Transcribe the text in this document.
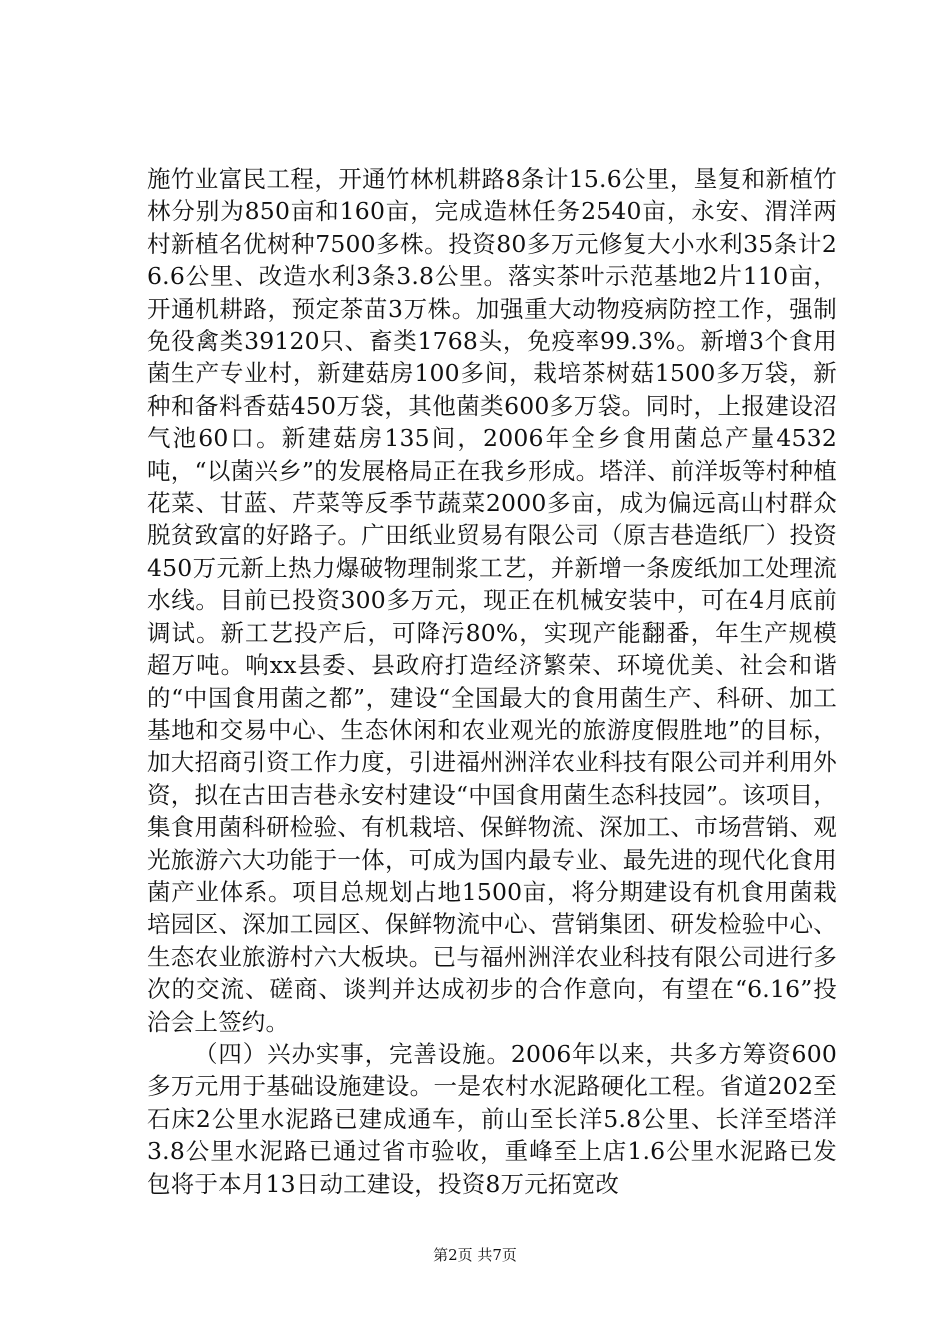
施竹业富民工程，开通竹林机耕路8条计15.6公里，垦复和新植竹林分别为850亩和160亩，完成造林任务2540亩，永安、渭洋两村新植名优树种7500多株。投资80多万元修复大小水利35条计26.6公里、改造水利3条3.8公里。落实茶叶示范基地2片110亩，开通机耕路，预定茶苗3万株。加强重大动物疫病防控工作，强制免役禽类39120只、畜类1768头，免疫率99.3%。新增3个食用菌生产专业村，新建菇房100多间，栽培茶树菇1500多万袋，新种和备料香菇450万袋，其他菌类600多万袋。同时，上报建设沼气池60口。新建菇房135间，2006年全乡食用菌总产量4532吨，“以菌兴乡”的发展格局正在我乡形成。塔洋、前洋坂等村种植花菜、甘蓝、芹菜等反季节蔬菜2000多亩，成为偏远高山村群众脱贫致富的好路子。广田纸业贸易有限公司（原吉巷造纸厂）投资450万元新上热力爆破物理制浆工艺，并新增一条废纸加工处理流水线。目前已投资300多万元，现正在机械安装中，可在4月底前调试。新工艺投产后，可降污80%，实现产能翻番，年生产规模超万吨。响xx县委、县政府打造经济繁荣、环境优美、社会和谐的“中国食用菌之都”，建设“全国最大的食用菌生产、科研、加工基地和交易中心、生态休闲和农业观光的旅游度假胜地”的目标，加大招商引资工作力度，引进福州洲洋农业科技有限公司并利用外资，拟在古田吉巷永安村建设“中国食用菌生态科技园”。该项目，集食用菌科研检验、有机栽培、保鲜物流、深加工、市场营销、观光旅游六大功能于一体，可成为国内最专业、最先进的现代化食用菌产业体系。项目总规划占地1500亩，将分期建设有机食用菌栽培园区、深加工园区、保鲜物流中心、营销集团、研发检验中心、生态农业旅游村六大板块。已与福州洲洋农业科技有限公司进行多次的交流、磋商、谈判并达成初步的合作意向，有望在“6.16”投洽会上签约。

（四）兴办实事，完善设施。2006年以来，共多方筹资600多万元用于基础设施建设。一是农村水泥路硬化工程。省道202至石床2公里水泥路已建成通车，前山至长洋5.8公里、长洋至塔洋3.8公里水泥路已通过省市验收，重峰至上店1.6公里水泥路已发包将于本月13日动工建设，投资8万元拓宽改

第2页 共7页
